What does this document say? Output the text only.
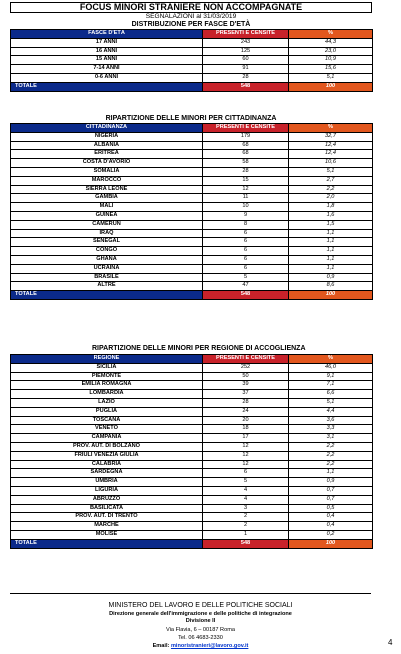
FOCUS MINORI STRANIERE NON ACCOMPAGNATE
SEGNALAZIONI al 31/03/2019
DISTRIBUZIONE PER FASCE D'ETÀ
FASCE D'ETÀ	PRESENTI E CENSITE	%
17 ANNI	243	44,3
16 ANNI	125	23,0
15 ANNI	60	10,9
7-14 ANNI	91	15,6
0-6 ANNI	28	5,1
TOTALE	548	100
RIPARTIZIONE DELLE MINORI PER CITTADINANZA
CITTADINANZA	PRESENTI E CENSITE	%
NIGERIA	179	32,7
ALBANIA	68	12,4
ERITREA	68	12,4
COSTA D'AVORIO	58	10,6
SOMALIA	28	5,1
MAROCCO	15	2,7
SIERRA LEONE	12	2,2
GAMBIA	11	2,0
MALI	10	1,8
GUINEA	9	1,6
CAMERUN	8	1,5
IRAQ	6	1,1
SENEGAL	6	1,1
CONGO	6	1,1
GHANA	6	1,1
UCRAINA	6	1,1
BRASILE	5	0,9
ALTRE	47	8,6
TOTALE	548	100
RIPARTIZIONE DELLE MINORI PER REGIONE DI ACCOGLIENZA
REGIONE	PRESENTI E CENSITE	%
SICILIA	252	46,0
PIEMONTE	50	9,1
EMILIA ROMAGNA	39	7,1
LOMBARDIA	37	6,6
LAZIO	28	5,1
PUGLIA	24	4,4
TOSCANA	20	3,6
VENETO	18	3,3
CAMPANIA	17	3,1
PROV. AUT. DI BOLZANO	12	2,2
FRIULI VENEZIA GIULIA	12	2,2
CALABRIA	12	2,2
SARDEGNA	6	1,1
UMBRIA	5	0,9
LIGURIA	4	0,7
ABRUZZO	4	0,7
BASILICATA	3	0,5
PROV. AUT. DI TRENTO	2	0,4
MARCHE	2	0,4
MOLISE	1	0,2
TOTALE	548	100
MINISTERO DEL LAVORO E DELLE POLITICHE SOCIALI
Direzione generale dell'immigrazione e delle politiche di integrazione
Divisione II
Via Flavia, 6 – 00187 Roma
Tel. 06 4683-2330
Email: minoristranieri@lavoro.gov.it	4
